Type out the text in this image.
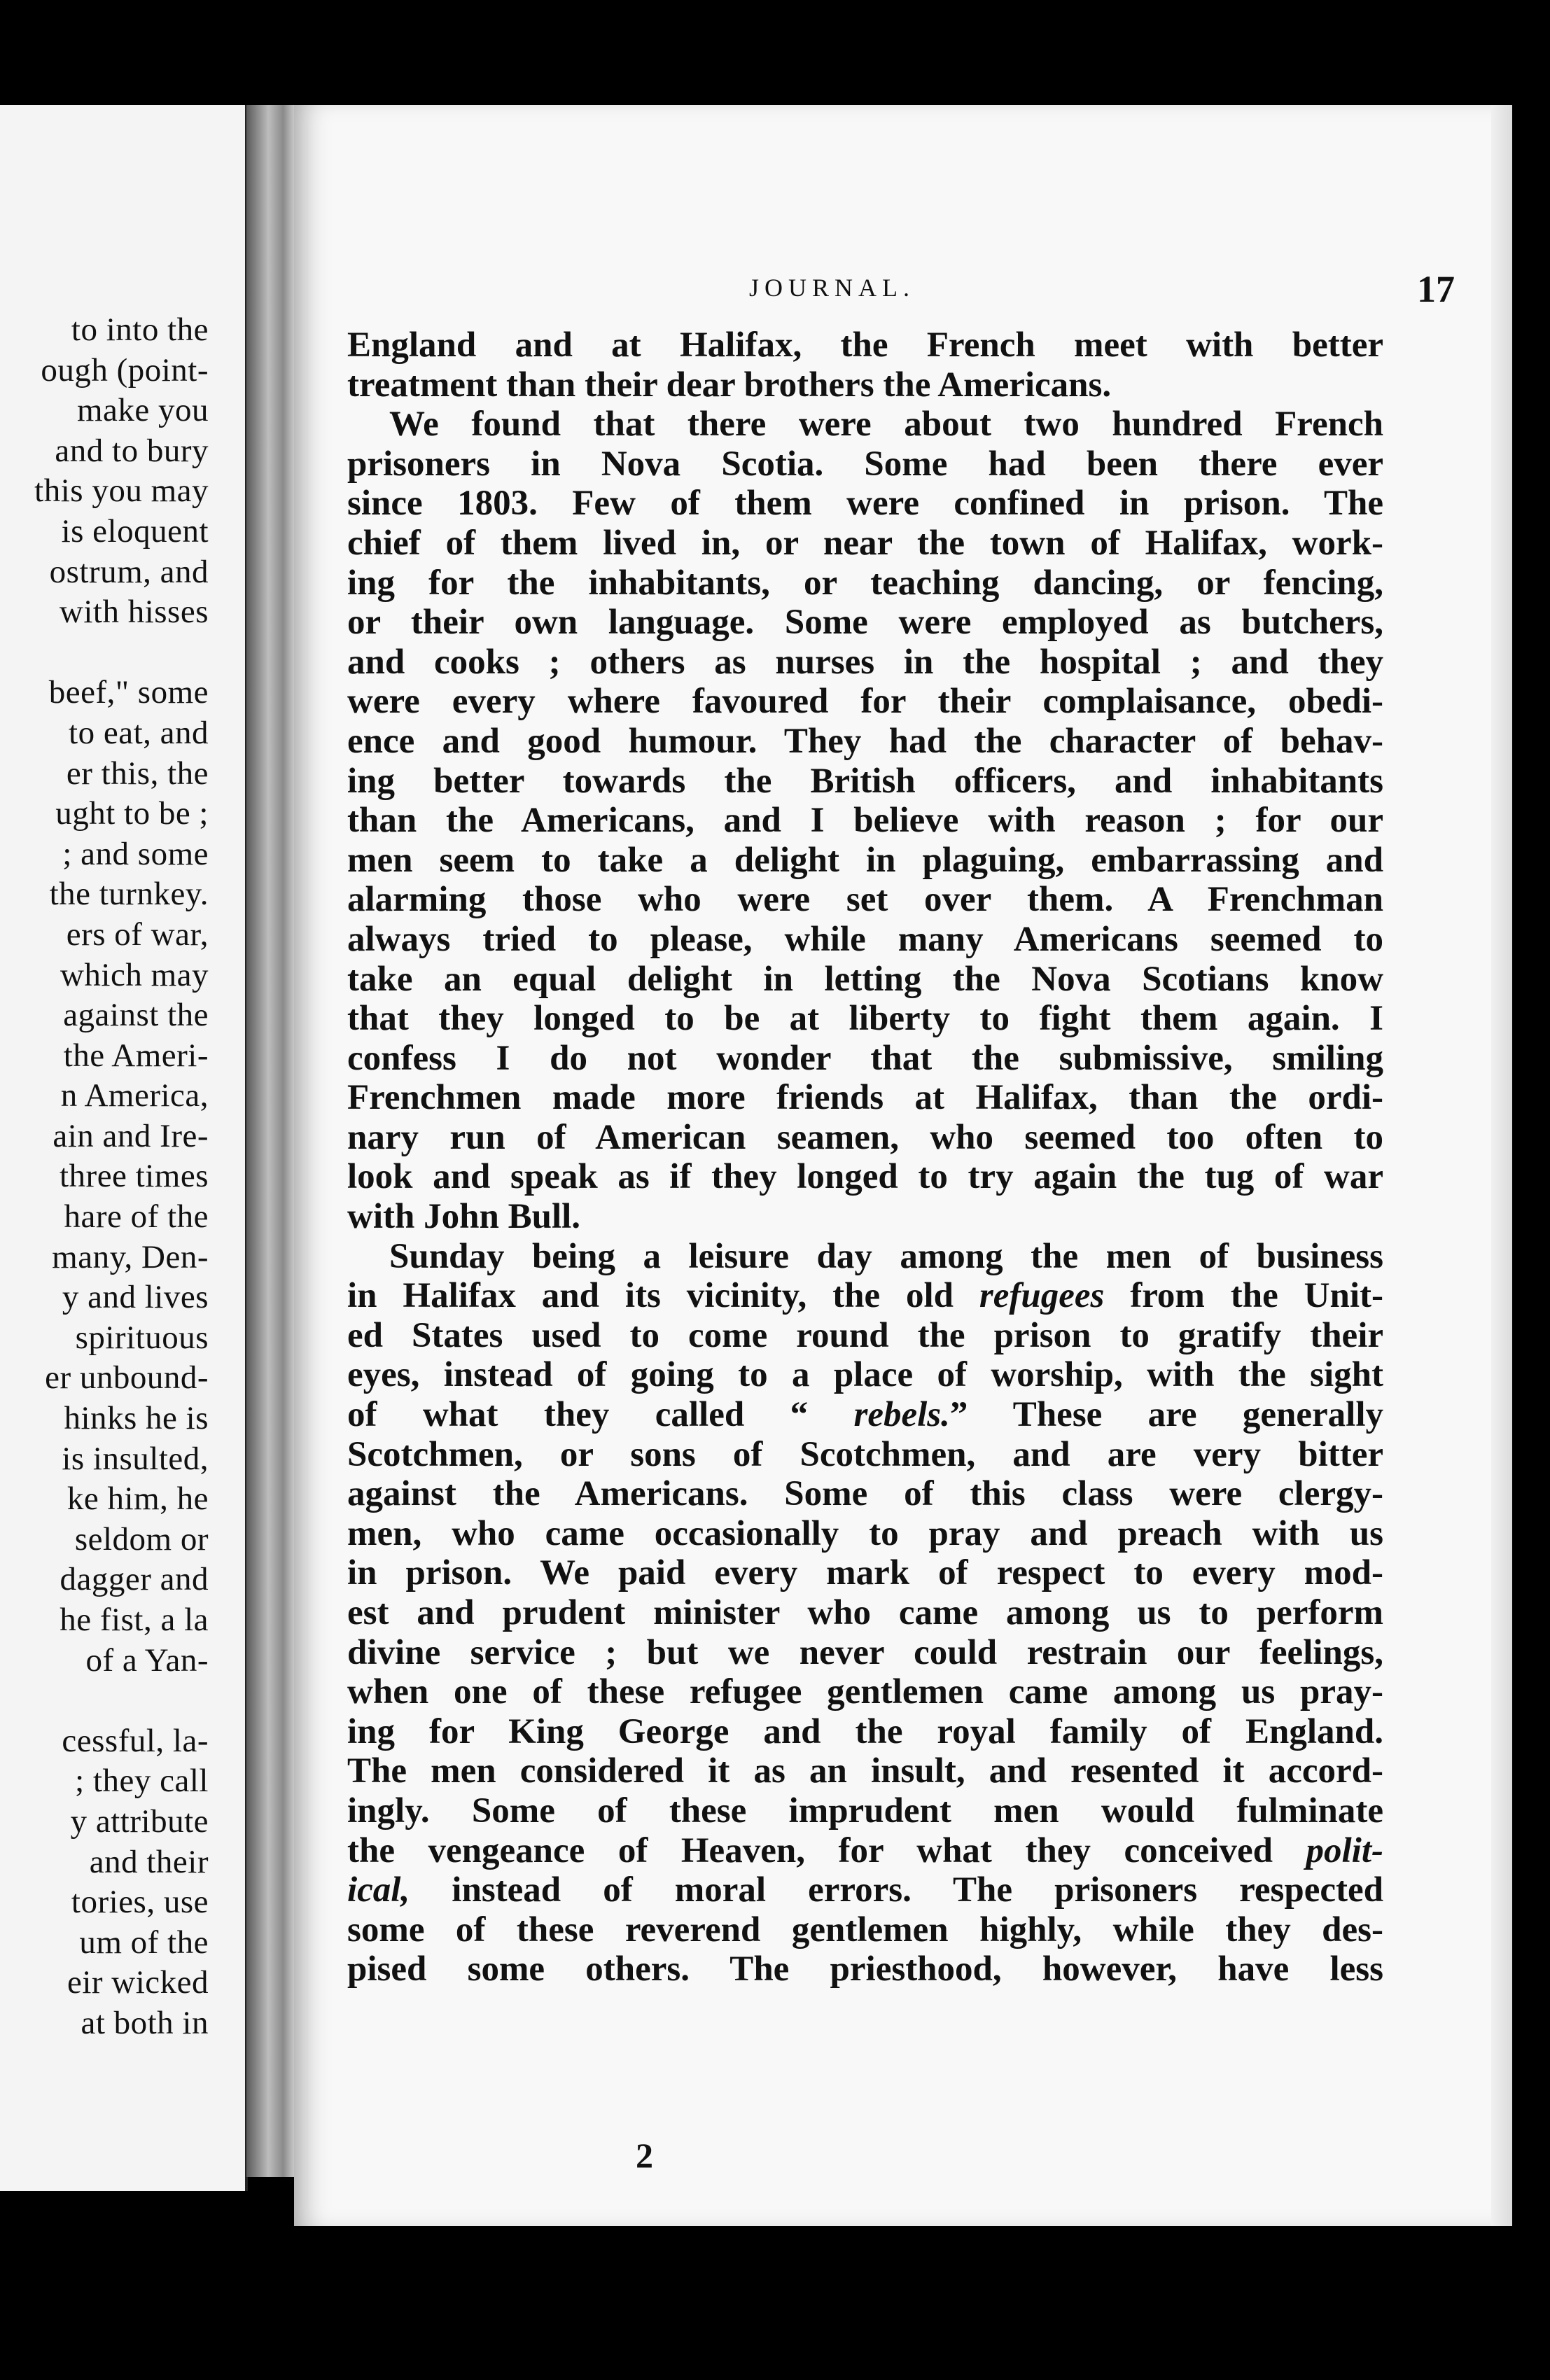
to into the
ough (point-
make you
and to bury
this you may
is eloquent
ostrum, and
with hisses

beef," some
to eat, and
er this, the
ught to be ;
; and some
the turnkey.
ers of war,
which may
against the
the Ameri-
n America,
ain and Ire-
three times
hare of the
many, Den-
y and lives
spirituous
er unbound-
hinks he is
is insulted,
ke him, he
seldom or
dagger and
he fist, a la
of a Yan-

cessful, la-
; they call
y attribute
and their
tories, use
um of the
eir wicked
at both in
JOURNAL.	17
England and at Halifax, the French meet with better
treatment than their dear brothers the Americans.
We found that there were about two hundred French
prisoners in Nova Scotia. Some had been there ever
since 1803. Few of them were confined in prison. The
chief of them lived in, or near the town of Halifax, work-
ing for the inhabitants, or teaching dancing, or fencing,
or their own language. Some were employed as butchers,
and cooks ; others as nurses in the hospital ; and they
were every where favoured for their complaisance, obedi-
ence and good humour. They had the character of behav-
ing better towards the British officers, and inhabitants
than the Americans, and I believe with reason ; for our
men seem to take a delight in plaguing, embarrassing and
alarming those who were set over them. A Frenchman
always tried to please, while many Americans seemed to
take an equal delight in letting the Nova Scotians know
that they longed to be at liberty to fight them again. I
confess I do not wonder that the submissive, smiling
Frenchmen made more friends at Halifax, than the ordi-
nary run of American seamen, who seemed too often to
look and speak as if they longed to try again the tug of war
with John Bull.
Sunday being a leisure day among the men of business
in Halifax and its vicinity, the old refugees from the Unit-
ed States used to come round the prison to gratify their
eyes, instead of going to a place of worship, with the sight
of what they called “ rebels.” These are generally
Scotchmen, or sons of Scotchmen, and are very bitter
against the Americans. Some of this class were clergy-
men, who came occasionally to pray and preach with us
in prison. We paid every mark of respect to every mod-
est and prudent minister who came among us to perform
divine service ; but we never could restrain our feelings,
when one of these refugee gentlemen came among us pray-
ing for King George and the royal family of England.
The men considered it as an insult, and resented it accord-
ingly. Some of these imprudent men would fulminate
the vengeance of Heaven, for what they conceived polit-
ical, instead of moral errors. The prisoners respected
some of these reverend gentlemen highly, while they des-
pised some others. The priesthood, however, have less
2
